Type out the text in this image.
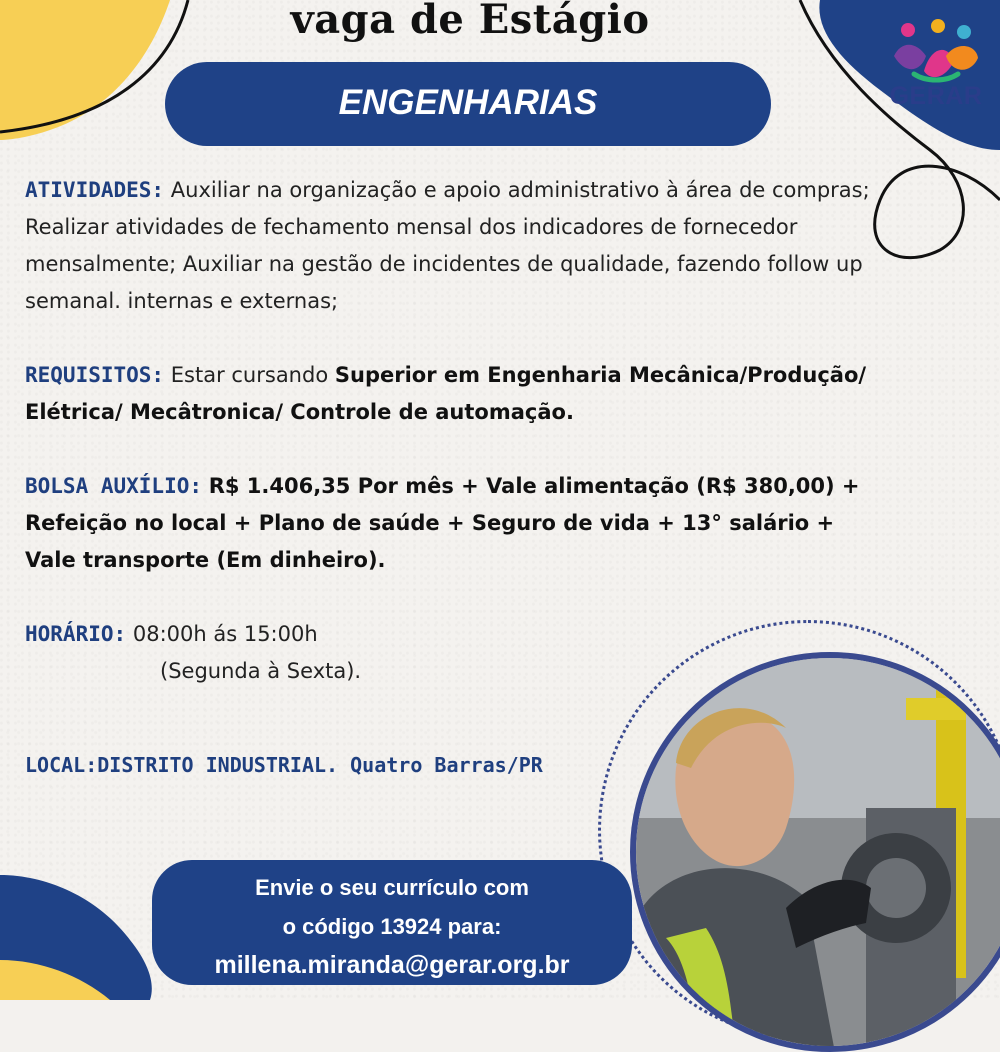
vaga de Estágio
ENGENHARIAS	GERAR

ATIVIDADES: Auxiliar na organização e apoio administrativo à área de compras; Realizar atividades de fechamento mensal dos indicadores de fornecedor mensalmente; Auxiliar na gestão de incidentes de qualidade, fazendo follow up semanal. internas e externas;

REQUISITOS: Estar cursando Superior em Engenharia Mecânica/Produção/ Elétrica/ Mecâtronica/ Controle de automação.

BOLSA AUXÍLIO: R$ 1.406,35 Por mês + Vale alimentação (R$ 380,00) + Refeição no local + Plano de saúde + Seguro de vida + 13° salário + Vale transporte (Em dinheiro).

HORÁRIO: 08:00h ás 15:00h
(Segunda à Sexta).

LOCAL:DISTRITO INDUSTRIAL. Quatro Barras/PR
Envie o seu currículo com
o código 13924 para:
millena.miranda@gerar.org.br
